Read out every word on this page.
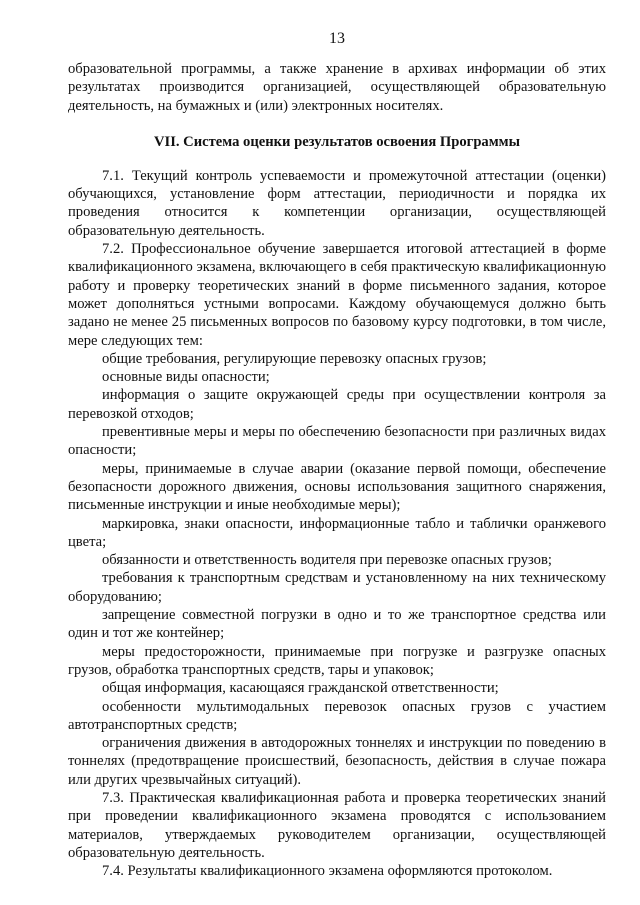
13

образовательной программы, а также хранение в архивах информации об этих результатах производится организацией, осуществляющей образовательную деятельность, на бумажных и (или) электронных носителях.

VII. Система оценки результатов освоения Программы

7.1. Текущий контроль успеваемости и промежуточной аттестации (оценки) обучающихся, установление форм аттестации, периодичности и порядка их проведения относится к компетенции организации, осуществляющей образовательную деятельность.

7.2. Профессиональное обучение завершается итоговой аттестацией в форме квалификационного экзамена, включающего в себя практическую квалификационную работу и проверку теоретических знаний в форме письменного задания, которое может дополняться устными вопросами. Каждому обучающемуся должно быть задано не менее 25 письменных вопросов по базовому курсу подготовки, в том числе, мере следующих тем:

общие требования, регулирующие перевозку опасных грузов;

основные виды опасности;

информация о защите окружающей среды при осуществлении контроля за перевозкой отходов;

превентивные меры и меры по обеспечению безопасности при различных видах опасности;

меры, принимаемые в случае аварии (оказание первой помощи, обеспечение безопасности дорожного движения, основы использования защитного снаряжения, письменные инструкции и иные необходимые меры);

маркировка, знаки опасности, информационные табло и таблички оранжевого цвета;

обязанности и ответственность водителя при перевозке опасных грузов;

требования к транспортным средствам и установленному на них техническому оборудованию;

запрещение совместной погрузки в одно и то же транспортное средства или один и тот же контейнер;

меры предосторожности, принимаемые при погрузке и разгрузке опасных грузов, обработка транспортных средств, тары и упаковок;

общая информация, касающаяся гражданской ответственности;

особенности мультимодальных перевозок опасных грузов с участием автотранспортных средств;

ограничения движения в автодорожных тоннелях и инструкции по поведению в тоннелях (предотвращение происшествий, безопасность, действия в случае пожара или других чрезвычайных ситуаций).

7.3. Практическая квалификационная работа и проверка теоретических знаний при проведении квалификационного экзамена проводятся с использованием материалов, утверждаемых руководителем организации, осуществляющей образовательную деятельность.

7.4. Результаты квалификационного экзамена оформляются протоколом.
